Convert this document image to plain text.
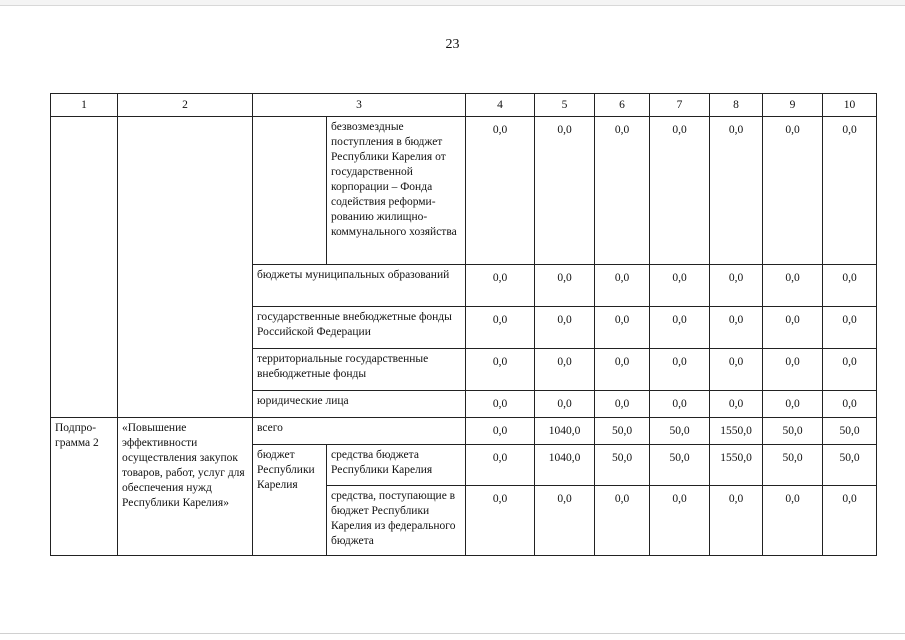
23
1	2	3		4	5	6	7	8	9	10
			безвозмездные поступления в бюджет Республики Карелия от государственной корпорации – Фонда содействия реформи-рованию жилищно-коммунального хозяйства	0,0	0,0	0,0	0,0	0,0	0,0	0,0
		бюджеты муниципальных образований		0,0	0,0	0,0	0,0	0,0	0,0	0,0
		государственные внебюджетные фонды Российской Федерации		0,0	0,0	0,0	0,0	0,0	0,0	0,0
		территориальные государственные внебюджетные фонды		0,0	0,0	0,0	0,0	0,0	0,0	0,0
		юридические лица		0,0	0,0	0,0	0,0	0,0	0,0	0,0
Подпро-грамма 2	«Повышение эффективности осуществления закупок товаров, работ, услуг для обеспечения нужд Республики Карелия»	всего		0,0	1040,0	50,0	50,0	1550,0	50,0	50,0
		бюджет Республики Карелия	средства бюджета Республики Карелия	0,0	1040,0	50,0	50,0	1550,0	50,0	50,0
			средства, поступающие в бюджет Республики Карелия из федерального бюджета	0,0	0,0	0,0	0,0	0,0	0,0	0,0
